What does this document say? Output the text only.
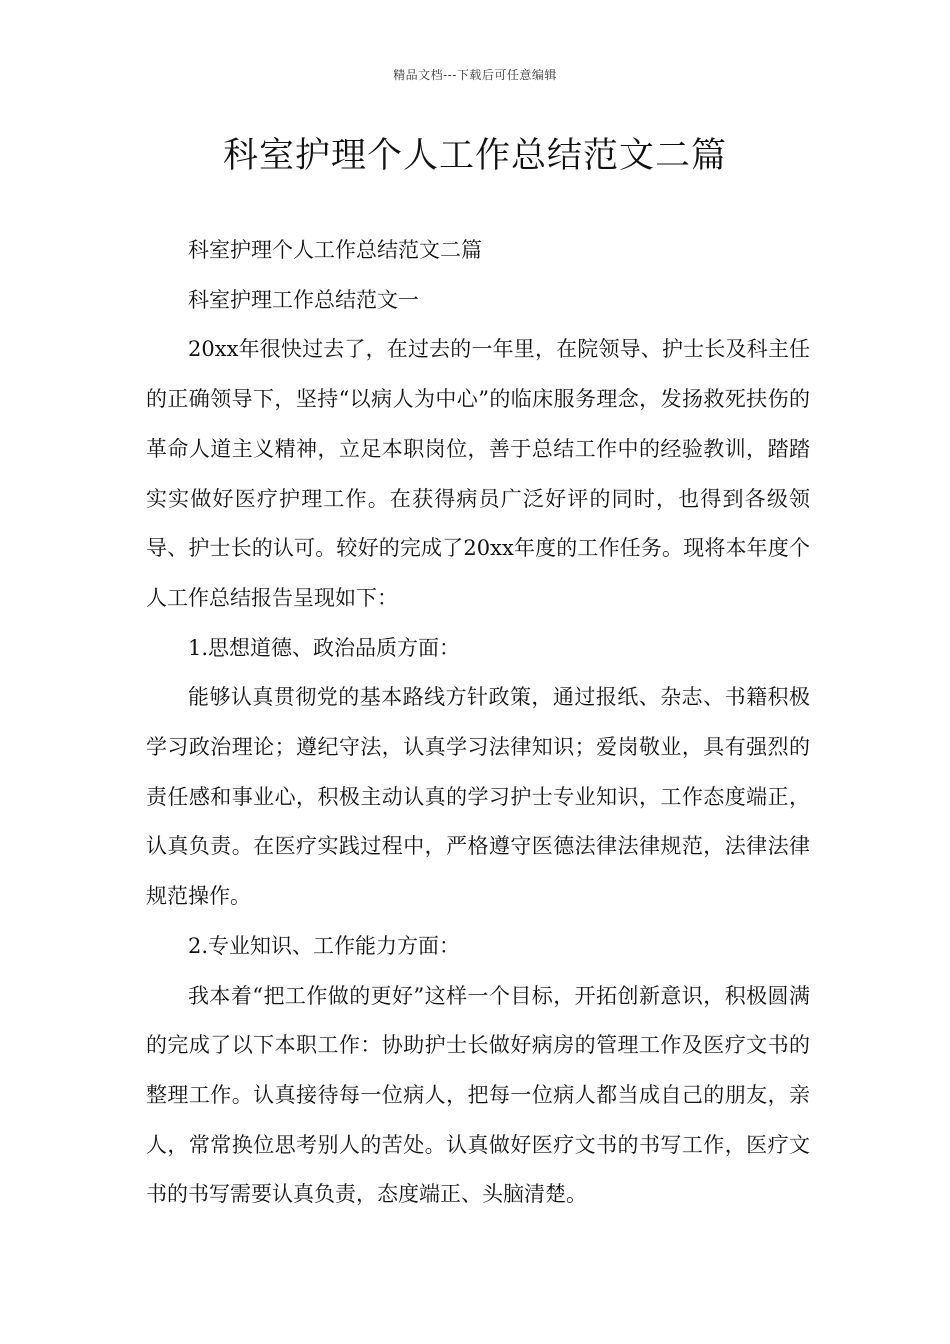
精品文档---下载后可任意编辑
科室护理个人工作总结范文二篇

科室护理个人工作总结范文二篇

科室护理工作总结范文一

20xx年很快过去了，在过去的一年里，在院领导、护士长及科主任的正确领导下，坚持“以病人为中心”的临床服务理念，发扬救死扶伤的革命人道主义精神，立足本职岗位，善于总结工作中的经验教训，踏踏实实做好医疗护理工作。在获得病员广泛好评的同时，也得到各级领导、护士长的认可。较好的完成了20xx年度的工作任务。现将本年度个人工作总结报告呈现如下：

1.思想道德、政治品质方面：

能够认真贯彻党的基本路线方针政策，通过报纸、杂志、书籍积极学习政治理论；遵纪守法，认真学习法律知识；爱岗敬业，具有强烈的责任感和事业心，积极主动认真的学习护士专业知识，工作态度端正，认真负责。在医疗实践过程中，严格遵守医德法律法律规范，法律法律规范操作。

2.专业知识、工作能力方面：

我本着“把工作做的更好”这样一个目标，开拓创新意识，积极圆满的完成了以下本职工作：协助护士长做好病房的管理工作及医疗文书的整理工作。认真接待每一位病人，把每一位病人都当成自己的朋友，亲人，常常换位思考别人的苦处。认真做好医疗文书的书写工作，医疗文书的书写需要认真负责，态度端正、头脑清楚。
